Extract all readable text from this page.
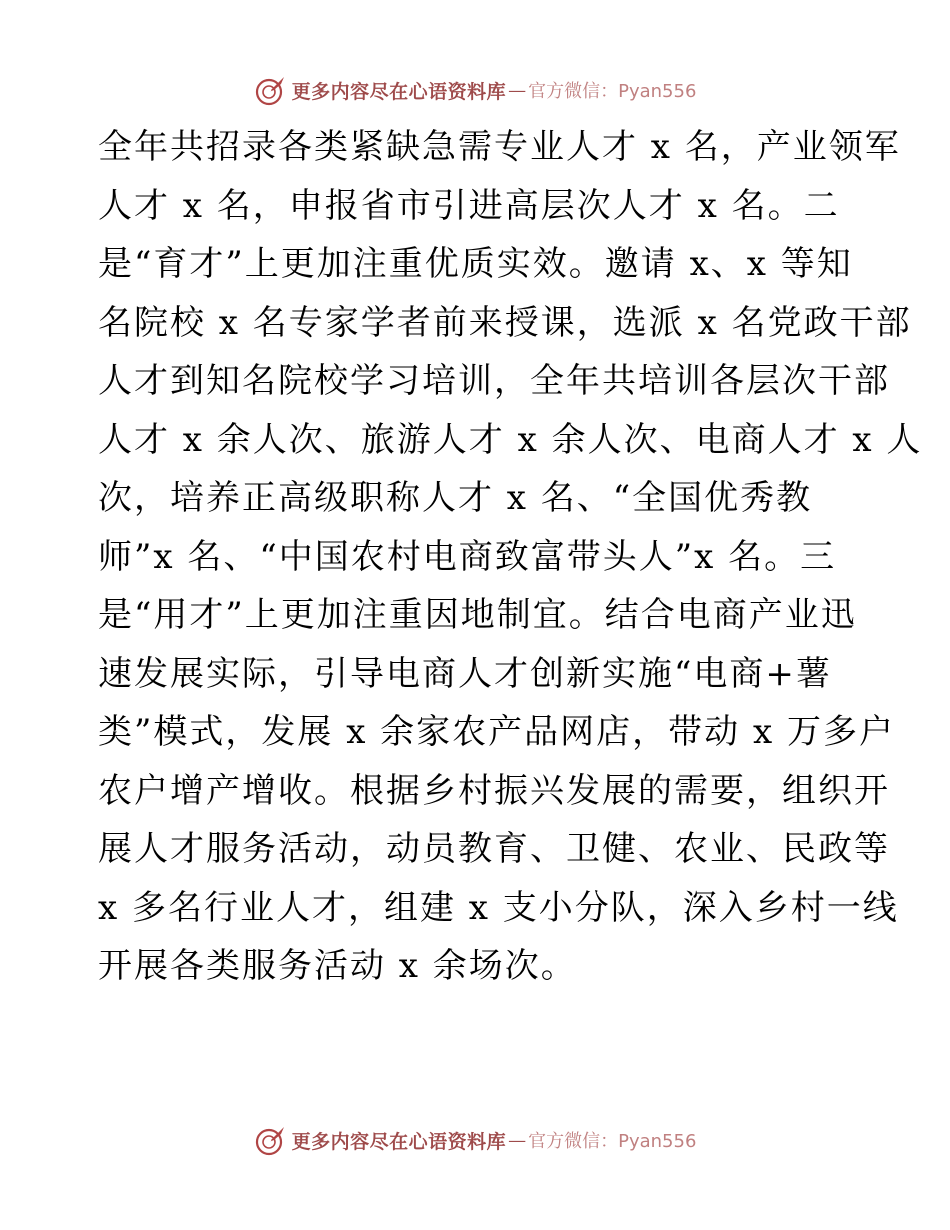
更多内容尽在心语资料库 — 官方微信：Pyan556
全年共招录各类紧缺急需专业人才 x 名，产业领军
人才 x 名，申报省市引进高层次人才 x 名。二
是“育才”上更加注重优质实效。邀请 x、x 等知
名院校 x 名专家学者前来授课，选派 x 名党政干部
人才到知名院校学习培训，全年共培训各层次干部
人才 x 余人次、旅游人才 x 余人次、电商人才 x 人
次，培养正高级职称人才 x 名、“全国优秀教
师”x 名、“中国农村电商致富带头人”x 名。三
是“用才”上更加注重因地制宜。结合电商产业迅
速发展实际，引导电商人才创新实施“电商+薯
类”模式，发展 x 余家农产品网店，带动 x 万多户
农户增产增收。根据乡村振兴发展的需要，组织开
展人才服务活动，动员教育、卫健、农业、民政等
x 多名行业人才，组建 x 支小分队，深入乡村一线
开展各类服务活动 x 余场次。
更多内容尽在心语资料库 — 官方微信：Pyan556
